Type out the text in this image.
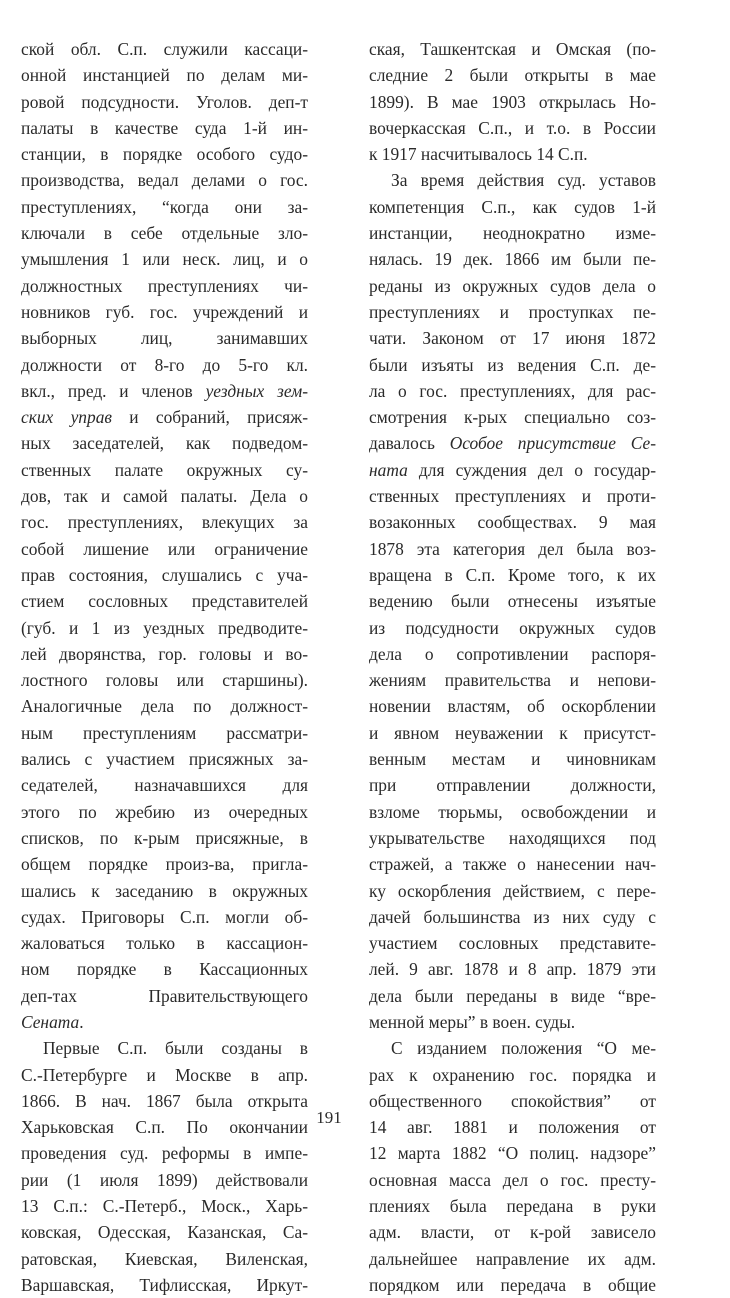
ской обл. С.п. служили кассаци-
онной инстанцией по делам ми-
ровой подсудности. Уголов. деп-т
палаты в качестве суда 1-й ин-
станции, в порядке особого судо-
производства, ведал делами о гос.
преступлениях, “когда они за-
ключали в себе отдельные зло-
умышления 1 или неск. лиц, и о
должностных преступлениях чи-
новников губ. гос. учреждений и
выборных лиц, занимавших
должности от 8-го до 5-го кл.
вкл., пред. и членов уездных зем-
ских управ и собраний, присяж-
ных заседателей, как подведом-
ственных палате окружных су-
дов, так и самой палаты. Дела о
гос. преступлениях, влекущих за
собой лишение или ограничение
прав состояния, слушались с уча-
стием сословных представителей
(губ. и 1 из уездных предводите-
лей дворянства, гор. головы и во-
лостного головы или старшины).
Аналогичные дела по должност-
ным преступлениям рассматри-
вались с участием присяжных за-
седателей, назначавшихся для
этого по жребию из очередных
списков, по к-рым присяжные, в
общем порядке произ-ва, пригла-
шались к заседанию в окружных
судах. Приговоры С.п. могли об-
жаловаться только в кассацион-
ном порядке в Кассационных
деп-тах Правительствующего
Сената.
Первые С.п. были созданы в
С.-Петербурге и Москве в апр.
1866. В нач. 1867 была открыта
Харьковская С.п. По окончании
проведения суд. реформы в импе-
рии (1 июля 1899) действовали
13 С.п.: С.-Петерб., Моск., Харь-
ковская, Одесская, Казанская, Са-
ратовская, Киевская, Виленская,
Варшавская, Тифлисская, Иркут-
ская, Ташкентская и Омская (по-
следние 2 были открыты в мае
1899). В мае 1903 открылась Но-
вочеркасская С.п., и т.о. в России
к 1917 насчитывалось 14 С.п.
За время действия суд. уставов
компетенция С.п., как судов 1-й
инстанции, неоднократно изме-
нялась. 19 дек. 1866 им были пе-
реданы из окружных судов дела о
преступлениях и проступках пе-
чати. Законом от 17 июня 1872
были изъяты из ведения С.п. де-
ла о гос. преступлениях, для рас-
смотрения к-рых специально соз-
давалось Особое присутствие Се-
ната для суждения дел о государ-
ственных преступлениях и проти-
возаконных сообществах. 9 мая
1878 эта категория дел была воз-
вращена в С.п. Кроме того, к их
ведению были отнесены изъятые
из подсудности окружных судов
дела о сопротивлении распоря-
жениям правительства и непови-
новении властям, об оскорблении
и явном неуважении к присутст-
венным местам и чиновникам
при отправлении должности,
взломе тюрьмы, освобождении и
укрывательстве находящихся под
стражей, а также о нанесении нач-
ку оскорбления действием, с пере-
дачей большинства из них суду с
участием сословных представите-
лей. 9 авг. 1878 и 8 апр. 1879 эти
дела были переданы в виде “вре-
менной меры” в воен. суды.
С изданием положения “О ме-
рах к охранению гос. порядка и
общественного спокойствия” от
14 авг. 1881 и положения от
12 марта 1882 “О полиц. надзоре”
основная масса дел о гос. престу-
плениях была передана в руки
адм. власти, от к-рой зависело
дальнейшее направление их адм.
порядком или передача в общие
191
